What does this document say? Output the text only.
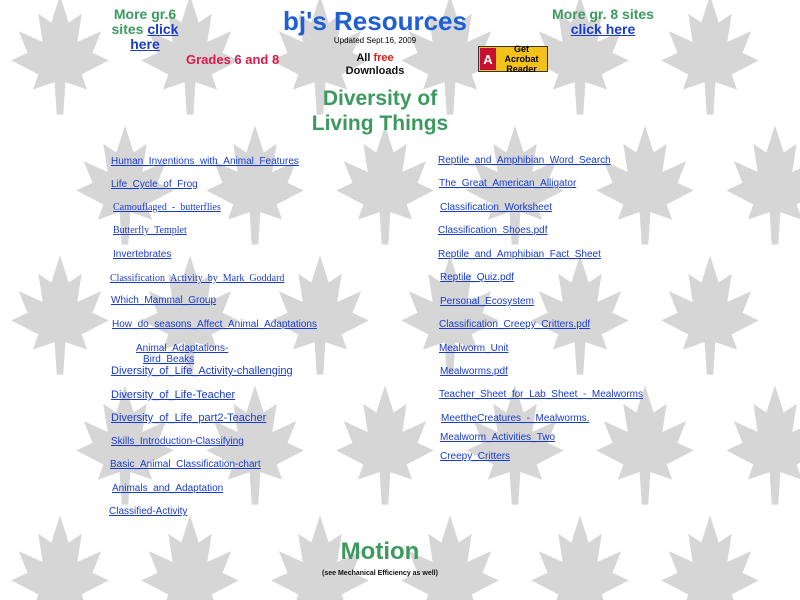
More gr.6 sites click here
bj's Resources
Updated Sept.16, 2009
More gr. 8 sites
click here
Grades 6 and 8	All free
Downloads
A
Get Acrobat
Reader
Diversity of
Living Things
Human_Inventions_with_Animal_Features
Life_Cycle_of_Frog
Camouflaged_-_butterflies
Butterfly_Templet
Invertebrates
Classification_Activity_by_Mark_Goddard
Which_Mammal_Group
How_do_seasons_Affect_Animal_Adaptations
Animal_Adaptations-
Bird_Beaks
Diversity_of_Life_Activity-challenging
Diversity_of_Life-Teacher
Diversity_of_Life_part2-Teacher
Skills_Introduction-Classifying
Basic_Animal_Classification-chart
Animals_and_Adaptation
Classified-Activity
Reptile_and_Amphibian_Word_Search
The_Great_American_Alligator
Classification_Worksheet
Classification_Shoes.pdf
Reptile_and_Amphibian_Fact_Sheet
Reptile_Quiz.pdf
Personal_Ecosystem
Classification_Creepy_Critters.pdf
Mealworm_Unit
Mealworms.pdf
Teacher_Sheet_for_Lab_Sheet_-_Mealworms
MeettheCreatures_-_Mealworms.
Mealworm_Activities_Two
Creepy_Critters
Motion
(see Mechanical Efficiency as well)
